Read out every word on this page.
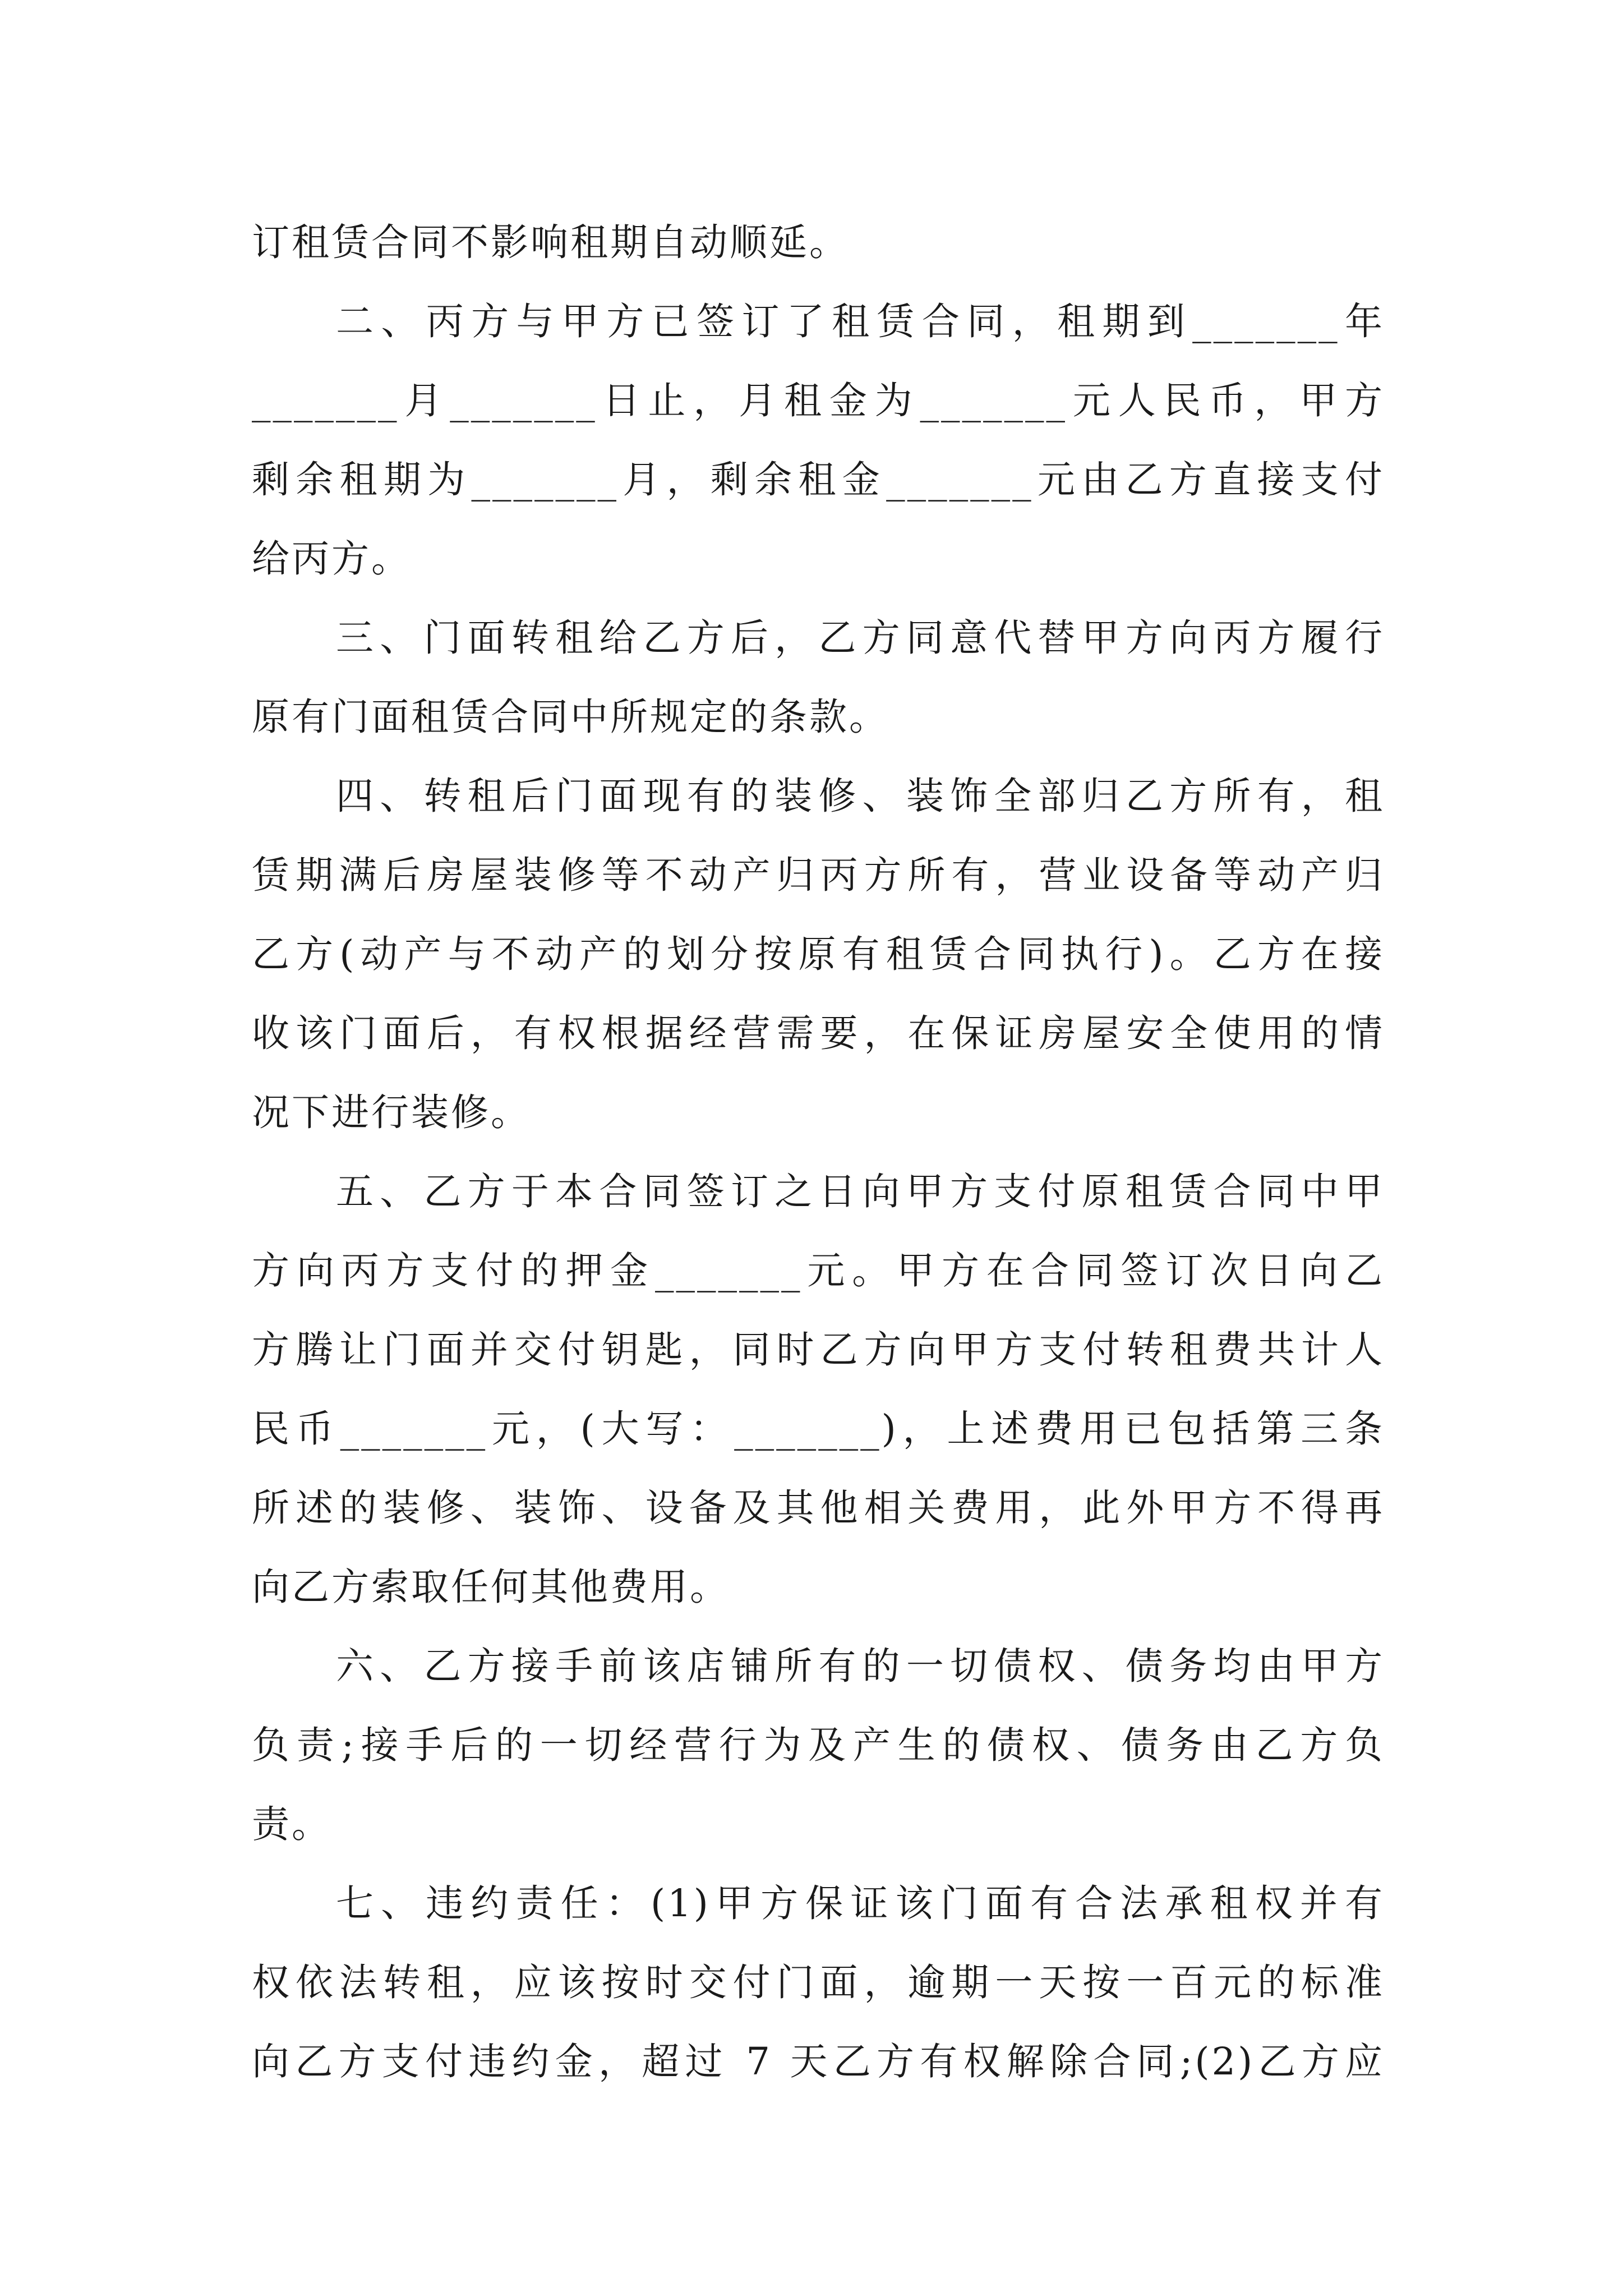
订租赁合同不影响租期自动顺延。
二、丙方与甲方已签订了租赁合同，租期到_______年
_______月_______日止，月租金为_______元人民币，甲方
剩余租期为_______月，剩余租金_______元由乙方直接支付
给丙方。
三、门面转租给乙方后，乙方同意代替甲方向丙方履行
原有门面租赁合同中所规定的条款。
四、转租后门面现有的装修、装饰全部归乙方所有，租
赁期满后房屋装修等不动产归丙方所有，营业设备等动产归
乙方(动产与不动产的划分按原有租赁合同执行)。乙方在接
收该门面后，有权根据经营需要，在保证房屋安全使用的情
况下进行装修。
五、乙方于本合同签订之日向甲方支付原租赁合同中甲
方向丙方支付的押金_______元。甲方在合同签订次日向乙
方腾让门面并交付钥匙，同时乙方向甲方支付转租费共计人
民币_______元，(大写：_______)，上述费用已包括第三条
所述的装修、装饰、设备及其他相关费用，此外甲方不得再
向乙方索取任何其他费用。
六、乙方接手前该店铺所有的一切债权、债务均由甲方
负责;接手后的一切经营行为及产生的债权、债务由乙方负
责。
七、违约责任：(1)甲方保证该门面有合法承租权并有
权依法转租，应该按时交付门面，逾期一天按一百元的标准
向乙方支付违约金，超过 7 天乙方有权解除合同;(2)乙方应
